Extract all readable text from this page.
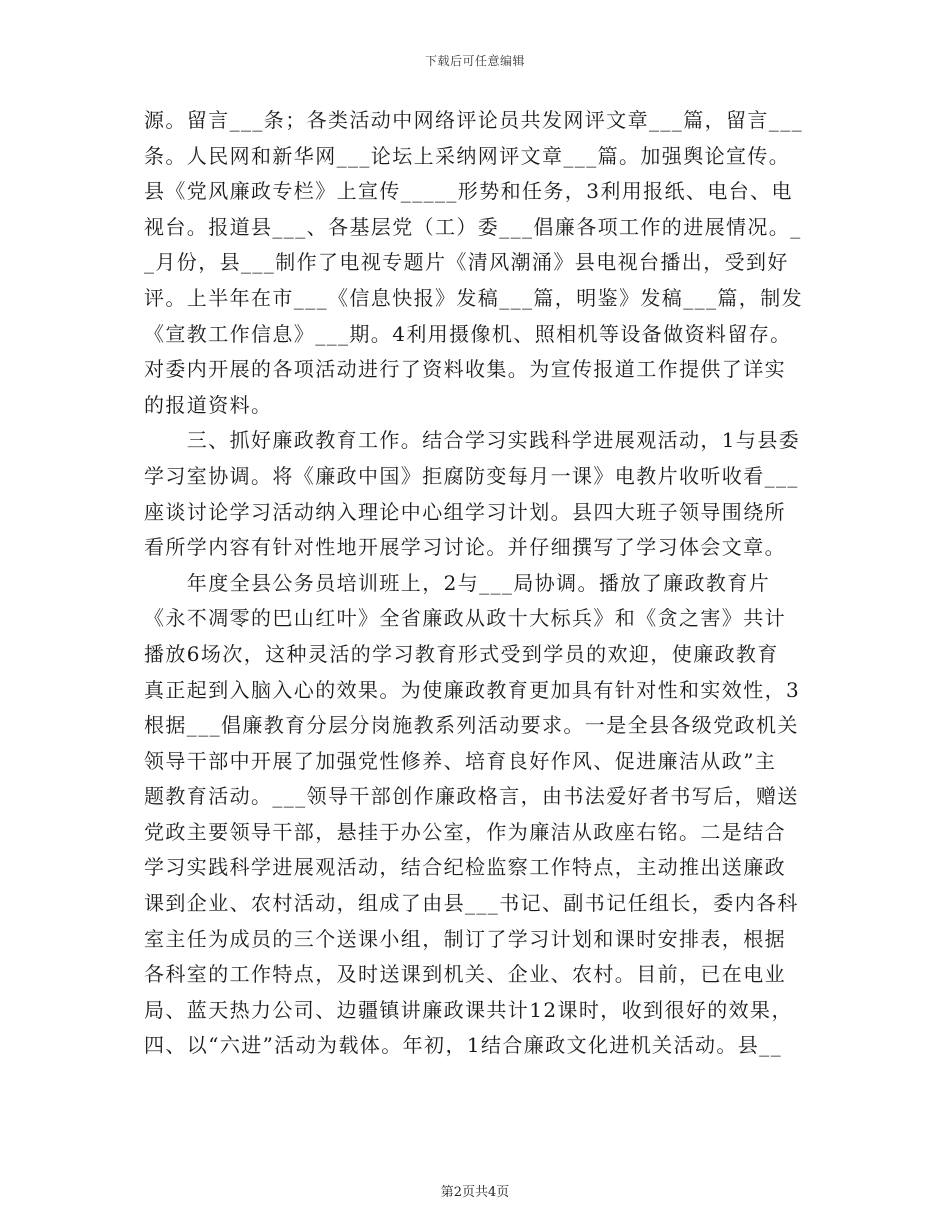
下载后可任意编辑
源。留言___条；各类活动中网络评论员共发网评文章___篇，留言___
条。人民网和新华网___论坛上采纳网评文章___篇。加强舆论宣传。
县《党风廉政专栏》上宣传_____形势和任务，3利用报纸、电台、电
视台。报道县___、各基层党（工）委___倡廉各项工作的进展情况。_
_月份，县___制作了电视专题片《清风潮涌》县电视台播出，受到好
评。上半年在市___《信息快报》发稿___篇，明鉴》发稿___篇，制发
《宣教工作信息》___期。4利用摄像机、照相机等设备做资料留存。
对委内开展的各项活动进行了资料收集。为宣传报道工作提供了详实
的报道资料。
　　三、抓好廉政教育工作。结合学习实践科学进展观活动，1与县委
学习室协调。将《廉政中国》拒腐防变每月一课》电教片收听收看___
座谈讨论学习活动纳入理论中心组学习计划。县四大班子领导围绕所
看所学内容有针对性地开展学习讨论。并仔细撰写了学习体会文章。
　　年度全县公务员培训班上，2与___局协调。播放了廉政教育片
《永不凋零的巴山红叶》全省廉政从政十大标兵》和《贪之害》共计
播放6场次，这种灵活的学习教育形式受到学员的欢迎，使廉政教育
真正起到入脑入心的效果。为使廉政教育更加具有针对性和实效性，3
根据___倡廉教育分层分岗施教系列活动要求。一是全县各级党政机关
领导干部中开展了加强党性修养、培育良好作风、促进廉洁从政”主
题教育活动。___领导干部创作廉政格言，由书法爱好者书写后，赠送
党政主要领导干部，悬挂于办公室，作为廉洁从政座右铭。二是结合
学习实践科学进展观活动，结合纪检监察工作特点，主动推出送廉政
课到企业、农村活动，组成了由县___书记、副书记任组长，委内各科
室主任为成员的三个送课小组，制订了学习计划和课时安排表，根据
各科室的工作特点，及时送课到机关、企业、农村。目前，已在电业
局、蓝天热力公司、边疆镇讲廉政课共计12课时，收到很好的效果，
四、以“六进”活动为载体。年初，1结合廉政文化进机关活动。县__
第2页共4页
